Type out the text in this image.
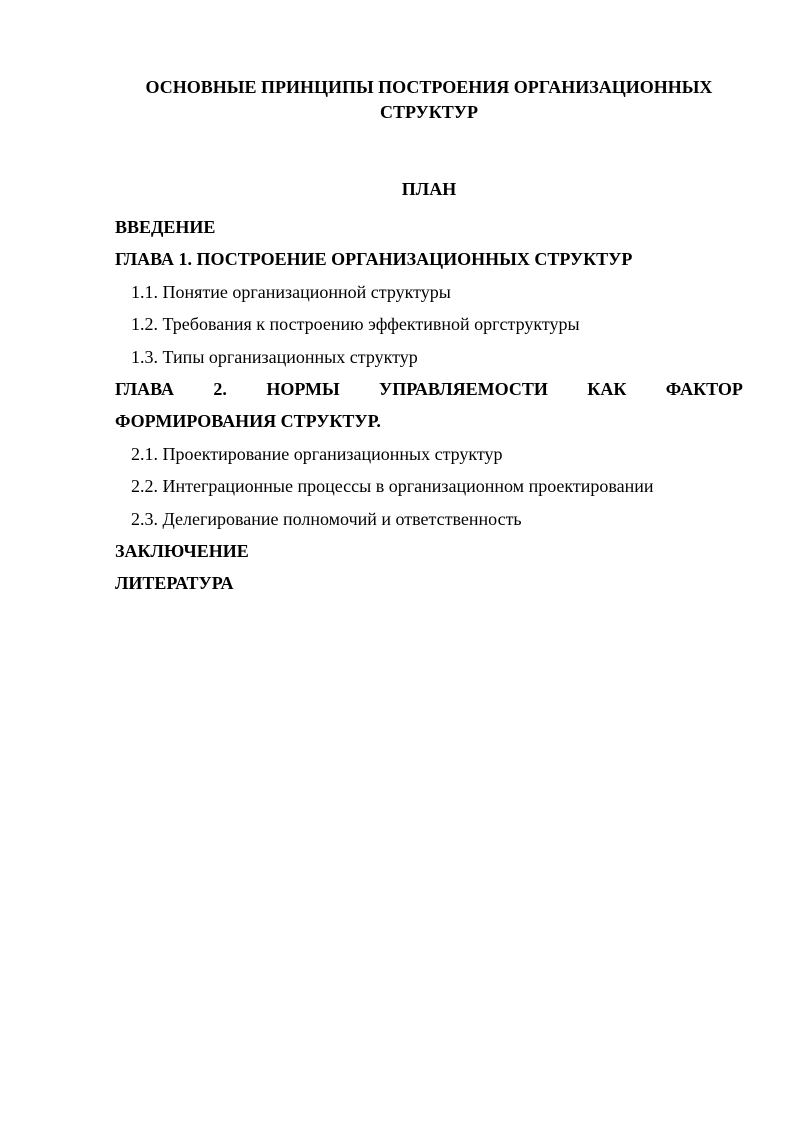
ОСНОВНЫЕ ПРИНЦИПЫ ПОСТРОЕНИЯ ОРГАНИЗАЦИОННЫХ
СТРУКТУР
ПЛАН
ВВЕДЕНИЕ
ГЛАВА 1. ПОСТРОЕНИЕ ОРГАНИЗАЦИОННЫХ СТРУКТУР
1.1. Понятие организационной структуры
1.2. Требования к построению эффективной оргструктуры
1.3. Типы организационных структур
ГЛАВА 2. НОРМЫ УПРАВЛЯЕМОСТИ КАК ФАКТОР
ФОРМИРОВАНИЯ СТРУКТУР.
2.1. Проектирование организационных структур
2.2. Интеграционные процессы в организационном проектировании
2.3. Делегирование полномочий и ответственность
ЗАКЛЮЧЕНИЕ
ЛИТЕРАТУРА
